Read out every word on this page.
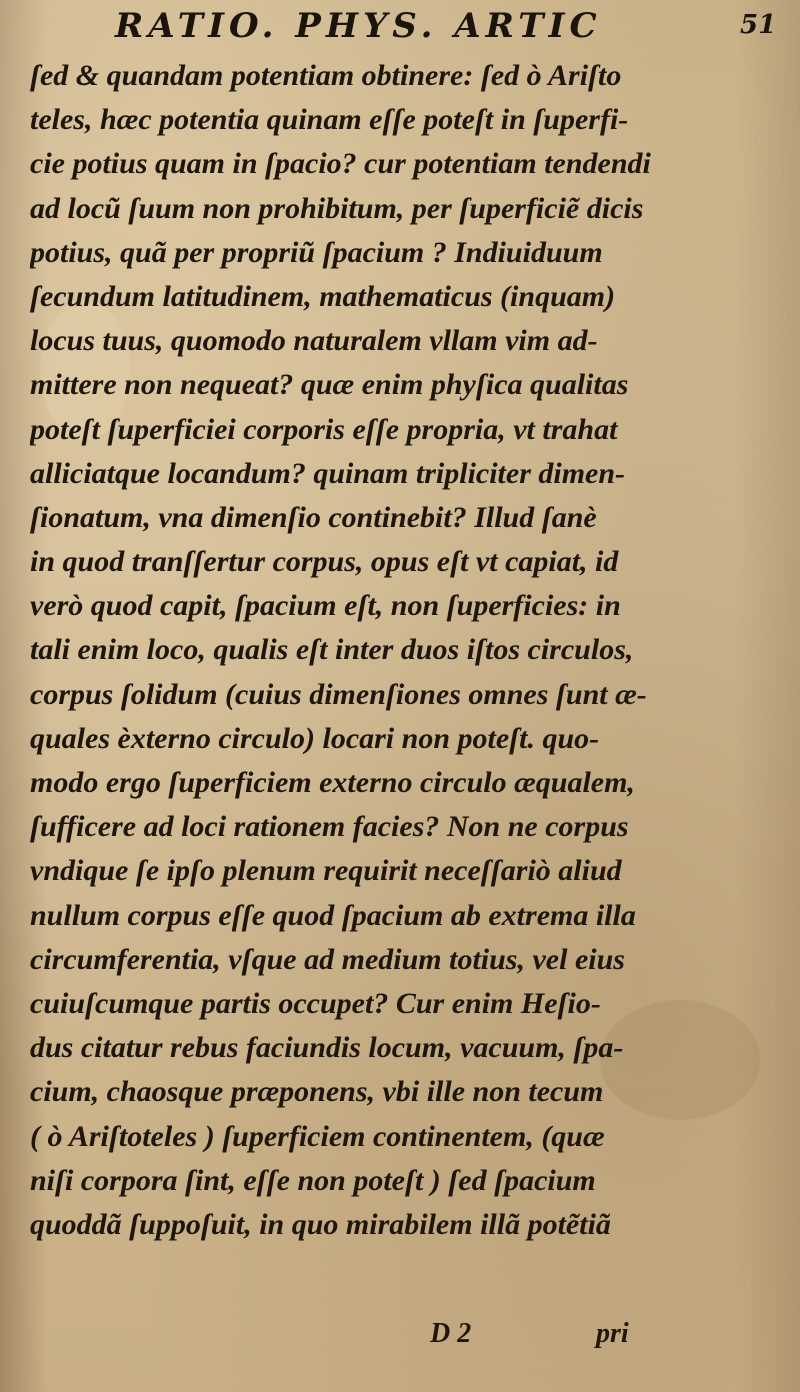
RATIO. PHYS. ARTIC	51
ſed & quandam potentiam obtinere: ſed ò Ariſto
teles, hæc potentia quinam eſſe poteſt in ſuperfi-
cie potius quam in ſpacio? cur potentiam tendendi
ad locũ ſuum non prohibitum, per ſuperficiẽ dicis
potius, quã per propriũ ſpacium ? Indiuiduum
ſecundum latitudinem, mathematicus (inquam)
locus tuus, quomodo naturalem vllam vim ad-
mittere non nequeat? quæ enim phyſica qualitas
poteſt ſuperficiei corporis eſſe propria, vt trahat
alliciatque locandum? quinam tripliciter dimen-
ſionatum, vna dimenſio continebit? Illud ſanè
in quod tranſſertur corpus, opus eſt vt capiat, id
verò quod capit, ſpacium eſt, non ſuperficies: in
tali enim loco, qualis eſt inter duos iſtos circulos,
corpus ſolidum (cuius dimenſiones omnes ſunt æ-
quales èxterno circulo) locari non poteſt. quo-
modo ergo ſuperficiem externo circulo æqualem,
ſufficere ad loci rationem facies? Non ne corpus
vndique ſe ipſo plenum requirit neceſſariò aliud
nullum corpus eſſe quod ſpacium ab extrema illa
circumferentia, vſque ad medium totius, vel eius
cuiuſcumque partis occupet? Cur enim Heſio-
dus citatur rebus faciundis locum, vacuum, ſpa-
cium, chaosque præponens, vbi ille non tecum
( ò Ariſtoteles ) ſuperficiem continentem, (quæ
niſi corpora ſint, eſſe non poteſt ) ſed ſpacium
quoddã ſuppoſuit, in quo mirabilem illã potẽtiã
D 2	pri
